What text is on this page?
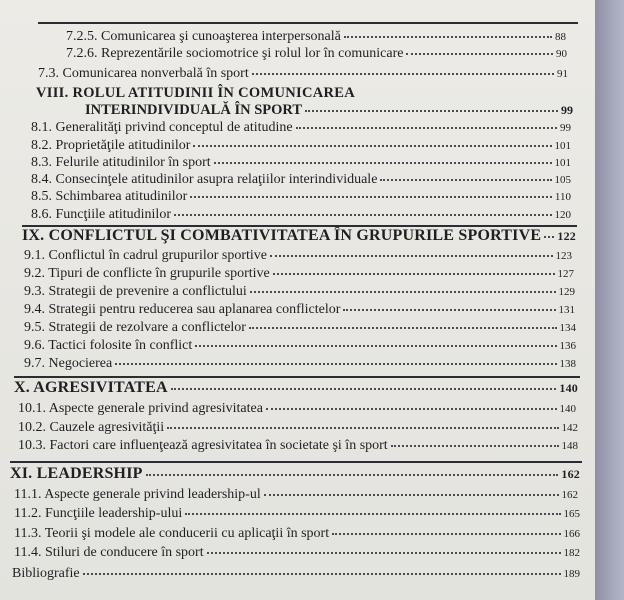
7.2.5. Comunicarea şi cunoaşterea interpersonală	88
7.2.6. Reprezentările sociomotrice şi rolul lor în comunicare	90
7.3. Comunicarea nonverbală în sport	91
VIII. ROLUL ATITUDINII ÎN COMUNICAREA
INTERINDIVIDUALĂ ÎN SPORT	99
8.1. Generalităţi privind conceptul de atitudine	99
8.2. Proprietăţile atitudinilor	101
8.3. Felurile atitudinilor în sport	101
8.4. Consecinţele atitudinilor asupra relaţiilor interindividuale	105
8.5. Schimbarea atitudinilor	110
8.6. Funcţiile atitudinilor	120
IX. CONFLICTUL ŞI COMBATIVITATEA ÎN GRUPURILE SPORTIVE 122
9.1. Conflictul în cadrul grupurilor sportive	123
9.2. Tipuri de conflicte în grupurile sportive	127
9.3. Strategii de prevenire a conflictului	129
9.4. Strategii pentru reducerea sau aplanarea conflictelor	131
9.5. Strategii de rezolvare a conflictelor	134
9.6. Tactici folosite în conflict	136
9.7. Negocierea	138
X. AGRESIVITATEA	140
10.1. Aspecte generale privind agresivitatea	140
10.2. Cauzele agresivităţii	142
10.3. Factori care influenţează agresivitatea în societate şi în sport	148
XI. LEADERSHIP	162
11.1. Aspecte generale privind leadership-ul	162
11.2. Funcţiile leadership-ului	165
11.3. Teorii şi modele ale conducerii cu aplicaţii în sport	166
11.4. Stiluri de conducere în sport	182
Bibliografie	189
